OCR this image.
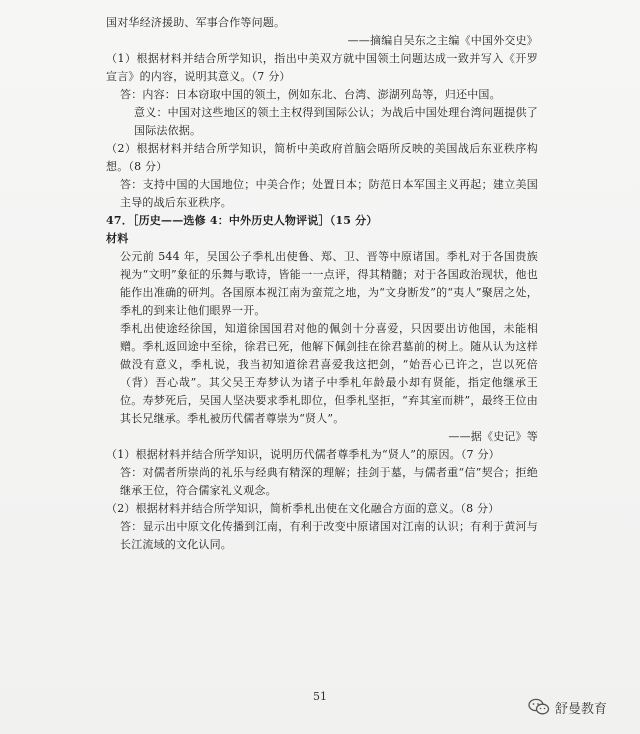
国对华经济援助、军事合作等问题。

——摘编自吴东之主编《中国外交史》

（1）根据材料并结合所学知识，指出中美双方就中国领土问题达成一致并写入《开罗宣言》的内容，说明其意义。（7 分）

答：内容：日本窃取中国的领土，例如东北、台湾、澎湖列岛等，归还中国。

意义：中国对这些地区的领土主权得到国际公认；为战后中国处理台湾问题提供了国际法依据。

（2）根据材料并结合所学知识，简析中美政府首脑会晤所反映的美国战后东亚秩序构想。（8 分）

答：支持中国的大国地位；中美合作；处置日本；防范日本军国主义再起；建立美国主导的战后东亚秩序。

47．［历史——选修 4：中外历史人物评说］（15 分）

材料

公元前 544 年，吴国公子季札出使鲁、郑、卫、晋等中原诸国。季札对于各国贵族视为“文明”象征的乐舞与歌诗，皆能一一点评，得其精髓；对于各国政治现状，他也能作出准确的研判。各国原本视江南为蛮荒之地，为“文身断发”的“夷人”聚居之处，季札的到来让他们眼界一开。

季札出使途经徐国，知道徐国国君对他的佩剑十分喜爱，只因要出访他国，未能相赠。季札返回途中至徐，徐君已死，他解下佩剑挂在徐君墓前的树上。随从认为这样做没有意义，季札说，我当初知道徐君喜爱我这把剑，“始吾心已许之，岂以死倍（背）吾心哉”。其父吴王寿梦认为诸子中季札年龄最小却有贤能，指定他继承王位。寿梦死后，吴国人坚决要求季札即位，但季札坚拒，“弃其室而耕”，最终王位由其长兄继承。季札被历代儒者尊崇为“贤人”。

——据《史记》等

（1）根据材料并结合所学知识，说明历代儒者尊季札为“贤人”的原因。（7 分）

答：对儒者所崇尚的礼乐与经典有精深的理解；挂剑于墓，与儒者重“信”契合；拒绝继承王位，符合儒家礼义观念。

（2）根据材料并结合所学知识，简析季札出使在文化融合方面的意义。（8 分）

答：显示出中原文化传播到江南，有利于改变中原诸国对江南的认识；有利于黄河与长江流域的文化认同。

51
舒曼教育
